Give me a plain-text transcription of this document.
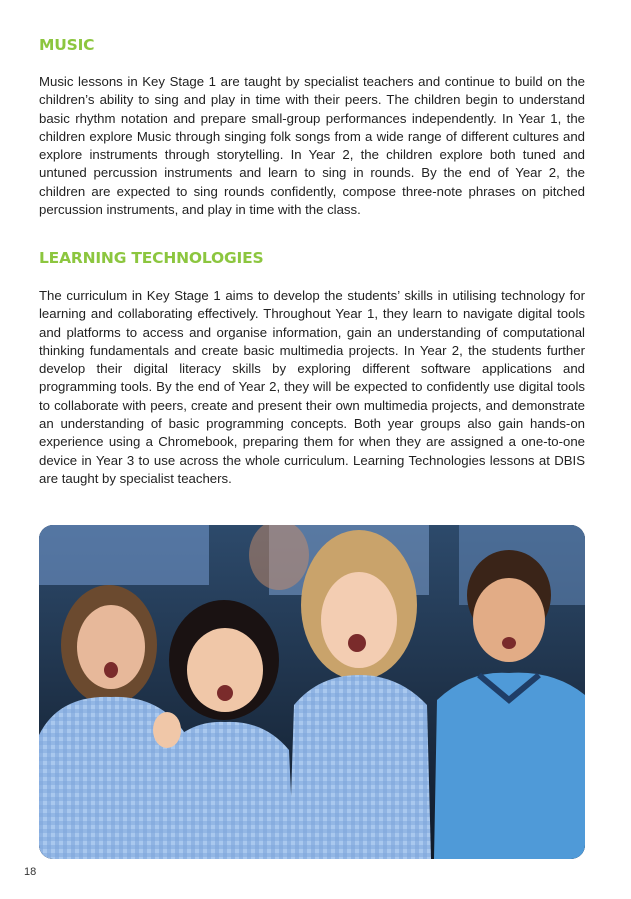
MUSIC

Music lessons in Key Stage 1 are taught by specialist teachers and continue to build on the children’s ability to sing and play in time with their peers. The children begin to understand basic rhythm notation and prepare small-group performances independently. In Year 1, the children explore Music through singing folk songs from a wide range of different cultures and explore instruments through storytelling. In Year 2, the children explore both tuned and untuned percussion instruments and learn to sing in rounds. By the end of Year 2, the children are expected to sing rounds confidently, compose three-note phrases on pitched percussion instruments, and play in time with the class.

LEARNING TECHNOLOGIES

The curriculum in Key Stage 1 aims to develop the students’ skills in utilising technology for learning and collaborating effectively. Throughout Year 1, they learn to navigate digital tools and platforms to access and organise information, gain an understanding of computational thinking fundamentals and create basic multimedia projects. In Year 2, the students further develop their digital literacy skills by exploring different software applications and programming tools. By the end of Year 2, they will be expected to confidently use digital tools to collaborate with peers, create and present their own multimedia projects, and demonstrate an understanding of basic programming concepts. Both year groups also gain hands-on experience using a Chromebook, preparing them for when they are assigned a one-to-one device in Year 3 to use across the whole curriculum. Learning Technologies lessons at DBIS are taught by specialist teachers.

18
